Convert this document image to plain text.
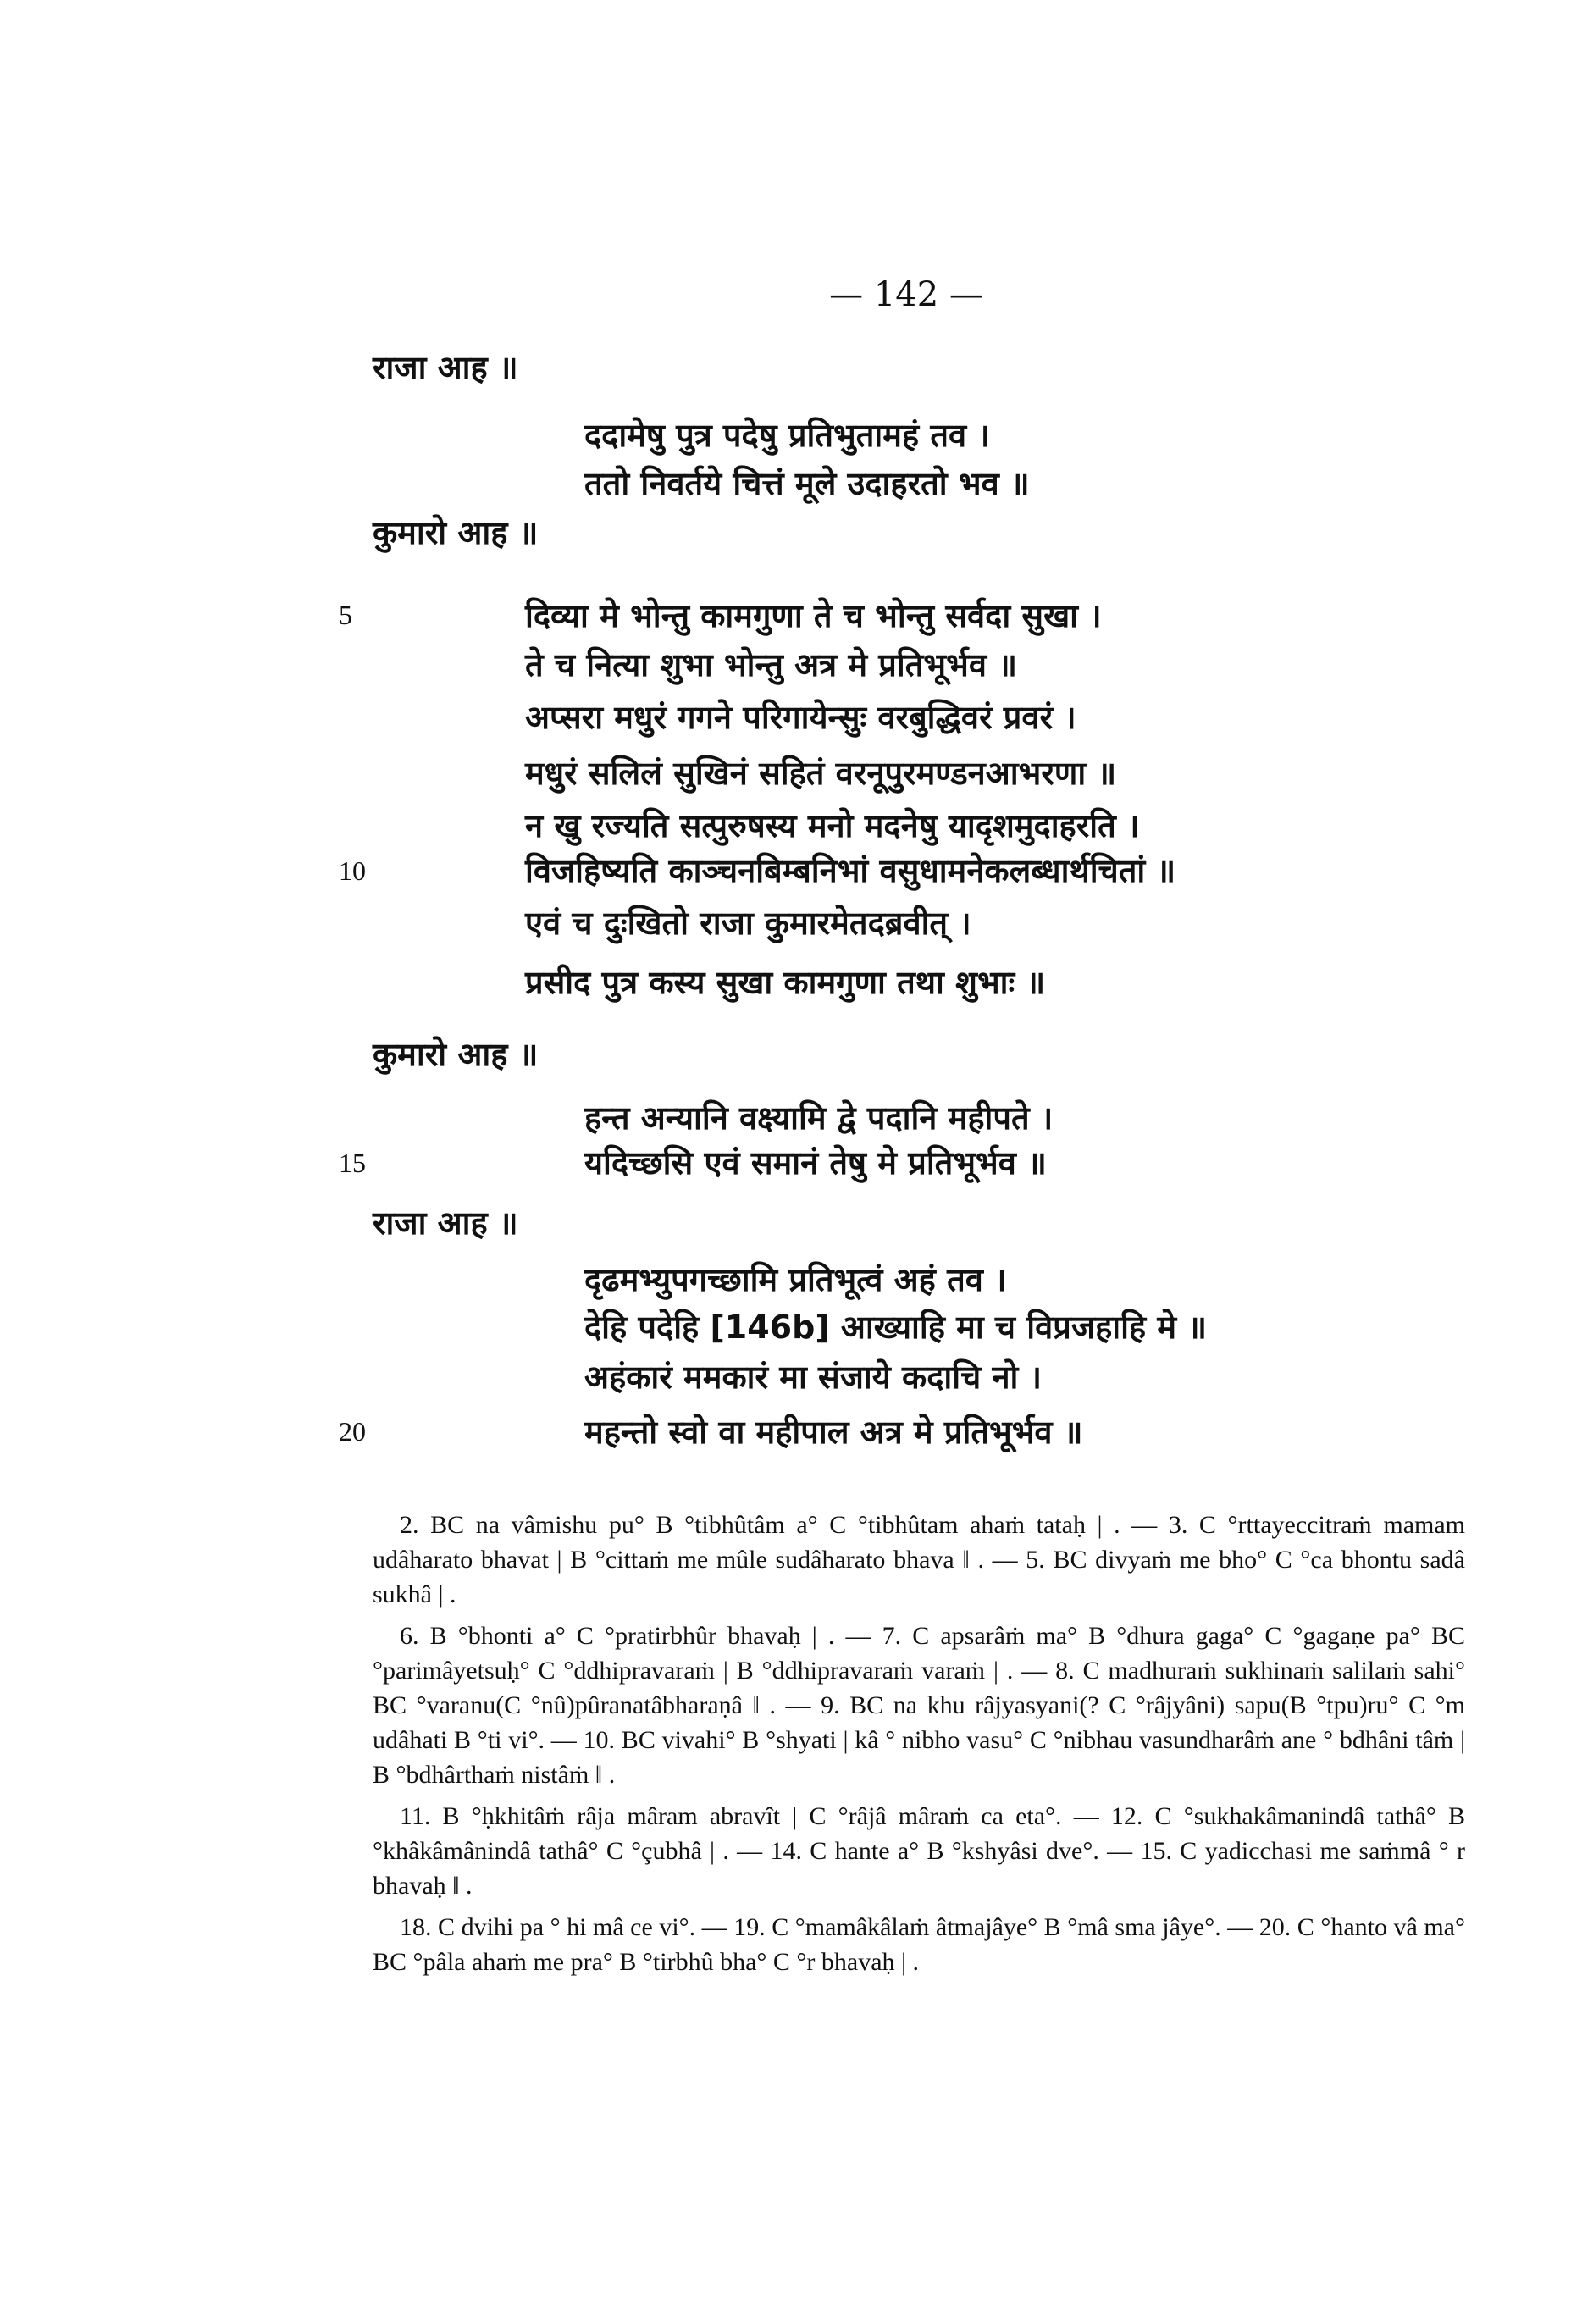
— 142 —
राजा आह ॥
ददामेषु पुत्र पदेषु प्रतिभुतामहं तव ।
ततो निवर्तये चित्तं मूले उदाहरतो भव ॥
कुमारो आह ॥
5	दिव्या मे भोन्तु कामगुणा ते च भोन्तु सर्वदा सुखा ।
ते च नित्या शुभा भोन्तु अत्र मे प्रतिभूर्भव ॥
अप्सरा मधुरं गगने परिगायेन्सुः वरबुद्धिवरं प्रवरं ।
मधुरं सलिलं सुखिनं सहितं वरनूपुरमण्डनआभरणा ॥
न खु रज्यति सत्पुरुषस्य मनो मदनेषु यादृशमुदाहरति ।
10	विजहिष्यति काञ्चनबिम्बनिभां वसुधामनेकलब्धार्थचितां ॥
एवं च दुःखितो राजा कुमारमेतदब्रवीत् ।
प्रसीद पुत्र कस्य सुखा कामगुणा तथा शुभाः ॥
कुमारो आह ॥
हन्त अन्यानि वक्ष्यामि द्वे पदानि महीपते ।
15	यदिच्छसि एवं समानं तेषु मे प्रतिभूर्भव ॥
राजा आह ॥
दृढमभ्युपगच्छामि प्रतिभूत्वं अहं तव ।
देहि पदेहि [146b] आख्याहि मा च विप्रजहाहि मे ॥
अहंकारं ममकारं मा संजाये कदाचि नो ।
20	महन्तो स्वो वा महीपाल अत्र मे प्रतिभूर्भव ॥

2. BC na vâmishu pu° B °tibhûtâm a° C °tibhûtam ahaṁ tataḥ | . — 3. C °rttayeccitraṁ mamam udâharato bhavat | B °cittaṁ me mûle sudâharato bhava ‖ . — 5. BC divyaṁ me bho° C °ca bhontu sadâ sukhâ | .

6. B °bhonti a° C °pratirbhûr bhavaḥ | . — 7. C apsarâṁ ma° B °dhura gaga° C °gagaṇe pa° BC °parimâyetsuḥ° C °ddhipravaraṁ | B °ddhipravaraṁ varaṁ | . — 8. C madhuraṁ sukhinaṁ salilaṁ sahi° BC °varanu(C °nû)pûranatâbharaṇâ ‖ . — 9. BC na khu râjyasyani(? C °râjyâni) sapu(B °tpu)ru° C °m udâhati B °ti vi°. — 10. BC vivahi° B °shyati | kâ ° nibho vasu° C °nibhau vasundharâṁ ane ° bdhâni tâṁ | B °bdhârthaṁ nistâṁ ‖ .

11. B °ḥkhitâṁ râja mâram abravît | C °râjâ mâraṁ ca eta°. — 12. C °sukhakâmanindâ tathâ° B °khâkâmânindâ tathâ° C °çubhâ | . — 14. C hante a° B °kshyâsi dve°. — 15. C yadicchasi me saṁmâ ° r bhavaḥ ‖ .

18. C dvihi pa ° hi mâ ce vi°. — 19. C °mamâkâlaṁ âtmajâye° B °mâ sma jâye°. — 20. C °hanto vâ ma° BC °pâla ahaṁ me pra° B °tirbhû bha° C °r bhavaḥ | .
